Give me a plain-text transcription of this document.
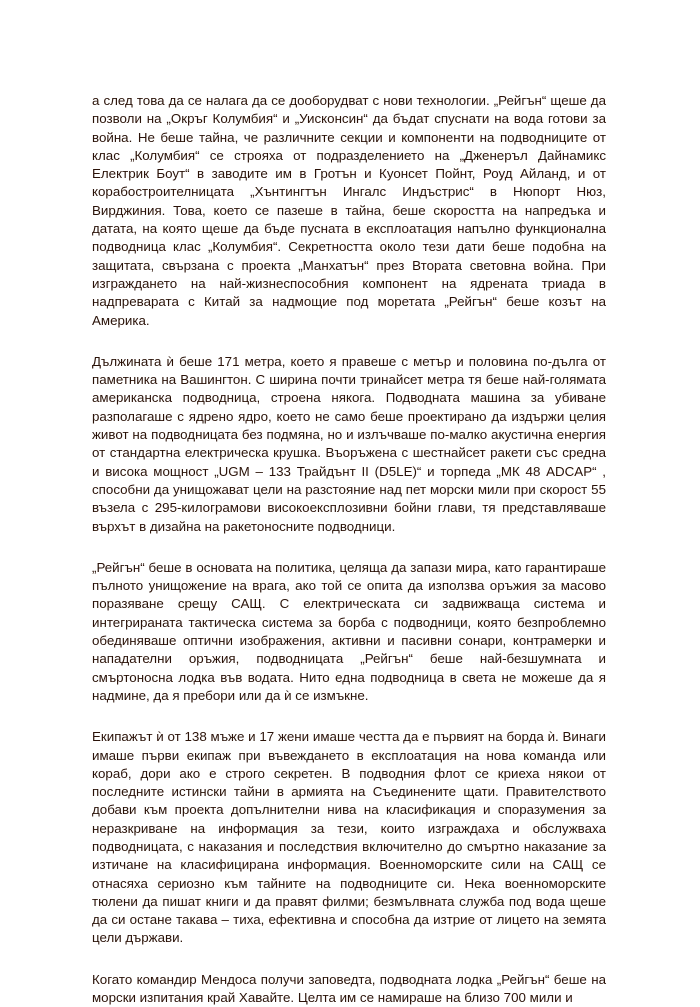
а след това да се налага да се дооборудват с нови технологии. „Рейгън“ щеше да позволи на „Окръг Колумбия“ и „Уисконсин“ да бъдат спуснати на вода готови за война. Не беше тайна, че различните секции и компоненти на подводниците от клас „Колумбия“ се строяха от подразделението на „Дженеръл Дайнамикс Електрик Боут“ в заводите им в Гротън и Куонсет Пойнт, Роуд Айланд, и от корабостроителницата „Хънтингтън Ингалс Индъстрис“ в Нюпорт Нюз, Вирджиния. Това, което се пазеше в тайна, беше скоростта на напредъка и датата, на която щеше да бъде пусната в експлоатация напълно функционална подводница клас „Колумбия“. Секретността около тези дати беше подобна на защитата, свързана с проекта „Манхатън“ през Втората световна война. При изграждането на най-жизнеспособния компонент на ядрената триада в надпреварата с Китай за надмощие под моретата „Рейгън“ беше козът на Америка.

Дължината ѝ беше 171 метра, което я правеше с метър и половина по-дълга от паметника на Вашингтон. С ширина почти тринайсет метра тя беше най-голямата американска подводница, строена някога. Подводната машина за убиване разполагаше с ядрено ядро, което не само беше проектирано да издържи целия живот на подводницата без подмяна, но и излъчваше по-малко акустична енергия от стандартна електрическа крушка. Въоръжена с шестнайсет ракети със средна и висока мощност „UGM – 133 Трайдънт II (D5LE)“ и торпеда „МК 48 ADCAP“ , способни да унищожават цели на разстояние над пет морски мили при скорост 55 възела с 295-килограмови високоексплозивни бойни глави, тя представляваше върхът в дизайна на ракетоносните подводници.

„Рейгън“ беше в основата на политика, целяща да запази мира, като гарантираше пълното унищожение на врага, ако той се опита да използва оръжия за масово поразяване срещу САЩ. С електрическата си задвижваща система и интегрираната тактическа система за борба с подводници, която безпроблемно обединяваше оптични изображения, активни и пасивни сонари, контрамерки и нападателни оръжия, подводницата „Рейгън“ беше най-безшумната и смъртоносна лодка във водата. Нито една подводница в света не можеше да я надмине, да я пребори или да ѝ се измъкне.

Екипажът ѝ от 138 мъже и 17 жени имаше честта да е първият на борда ѝ. Винаги имаше първи екипаж при въвеждането в експлоатация на нова команда или кораб, дори ако е строго секретен. В подводния флот се криеха някои от последните истински тайни в армията на Съединените щати. Правителството добави към проекта допълнителни нива на класификация и споразумения за неразкриване на информация за тези, които изграждаха и обслужваха подводницата, с наказания и последствия включително до смъртно наказание за изтичане на класифицирана информация. Военноморските сили на САЩ се отнасяха сериозно към тайните на подводниците си. Нека военноморските тюлени да пишат книги и да правят филми; безмълвната служба под вода щеше да си остане такава – тиха, ефективна и способна да изтрие от лицето на земята цели държави.

Когато командир Мендоса получи заповедта, подводната лодка „Рейгън“ беше на морски изпитания край Хавайте. Целта им се намираше на близо 700 мили и
